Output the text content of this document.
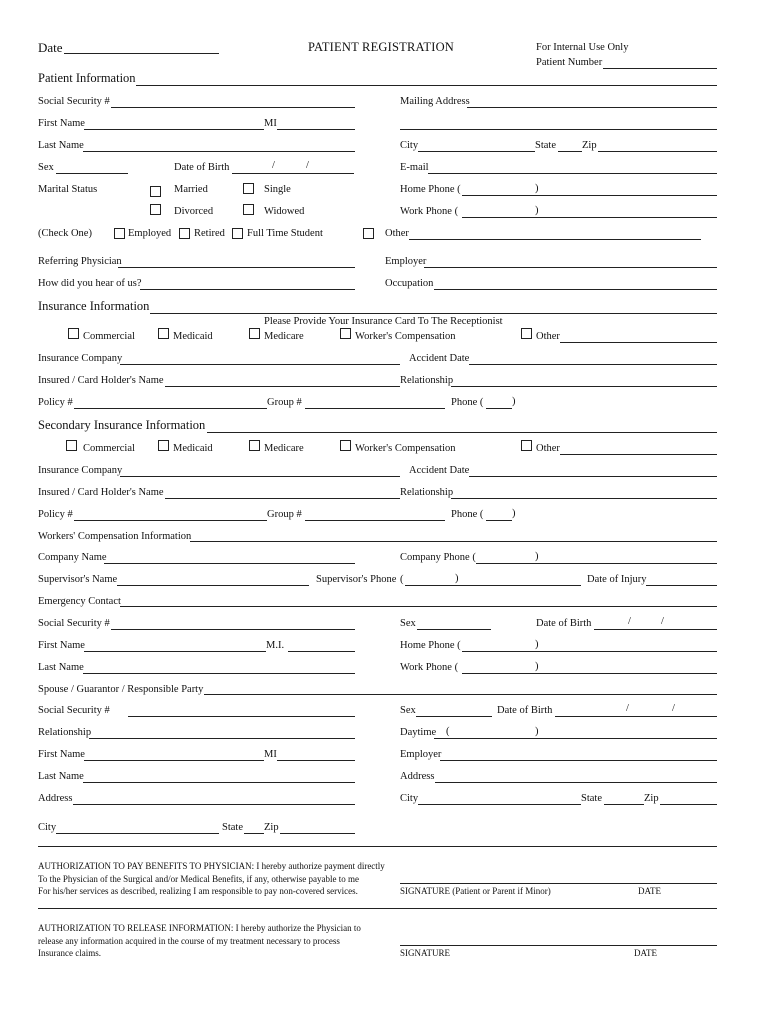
Date	PATIENT REGISTRATION	For Internal Use Only
Patient Number
Patient Information
Social Security #	Mailing Address
First Name	MI
Last Name	City	State Zip
Sex	Date of Birth	/	/	E-mail
Marital Status	Married	Single	Home Phone (	)
Divorced	Widowed	Work Phone (	)
(Check One)	Employed Retired Full Time Student	Other
Referring Physician	Employer
How did you hear of us?	Occupation
Insurance Information
Please Provide Your Insurance Card To The Receptionist
Commercial	Medicaid	Medicare	Worker's Compensation	Other
Insurance Company	Accident Date
Insured / Card Holder's Name	Relationship
Policy #	Group #	Phone (	)
Secondary Insurance Information
Commercial	Medicaid	Medicare	Worker's Compensation	Other
Insurance Company	Accident Date
Insured / Card Holder's Name	Relationship
Policy #	Group #	Phone (	)
Workers' Compensation Information
Company Name	Company Phone (	)
Supervisor's Name	Supervisor's Phone (	)	Date of Injury
Emergency Contact
Social Security #	Sex	Date of Birth	/	/
First Name	M.I.	Home Phone (	)
Last Name	Work Phone (	)
Spouse / Guarantor / Responsible Party
Social Security #	Sex	Date of Birth	/	/
Relationship	Daytime (	)
First Name	MI	Employer
Last Name	Address
Address	City	State	Zip
City	State Zip
AUTHORIZATION TO PAY BENEFITS TO PHYSICIAN: I hereby authorize payment directly
To the Physician of the Surgical and/or Medical Benefits, if any, otherwise payable to me
For his/her services as described, realizing I am responsible to pay non-covered services.	SIGNATURE (Patient or Parent if Minor)	DATE
AUTHORIZATION TO RELEASE INFORMATION: I hereby authorize the Physician to
release any information acquired in the course of my treatment necessary to process
Insurance claims.	SIGNATURE	DATE
